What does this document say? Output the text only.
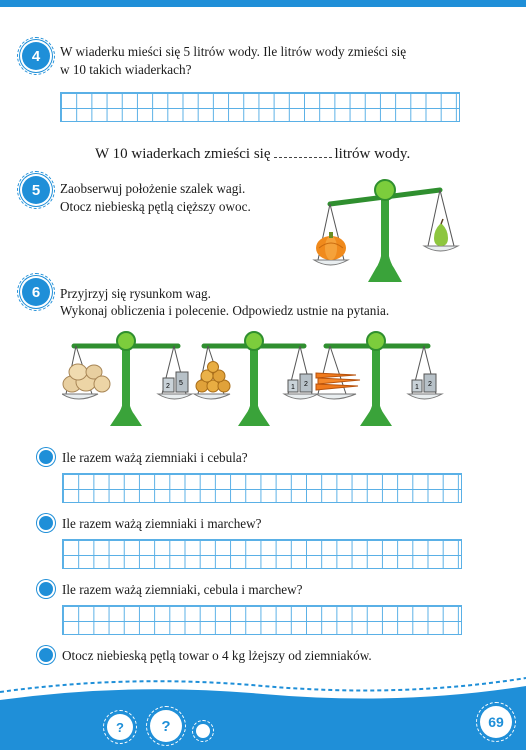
4 W wiaderku mieści się 5 litrów wody. Ile litrów wody zmieści się
w 10 takich wiaderkach?
W 10 wiaderkach zmieści się	litrów wody.
5 Zaobserwuj położenie szalek wagi.
Otocz niebieską pętlą cięższy owoc.
6 Przyjrzyj się rysunkom wag.
Wykonaj obliczenia i polecenie. Odpowiedz ustnie na pytania.
5
2	1 2	1 2
Ile razem ważą ziemniaki i cebula?
Ile razem ważą ziemniaki i marchew?
Ile razem ważą ziemniaki, cebula i marchew?
Otocz niebieską pętlą towar o 4 kg lżejszy od ziemniaków.
? ?	69
